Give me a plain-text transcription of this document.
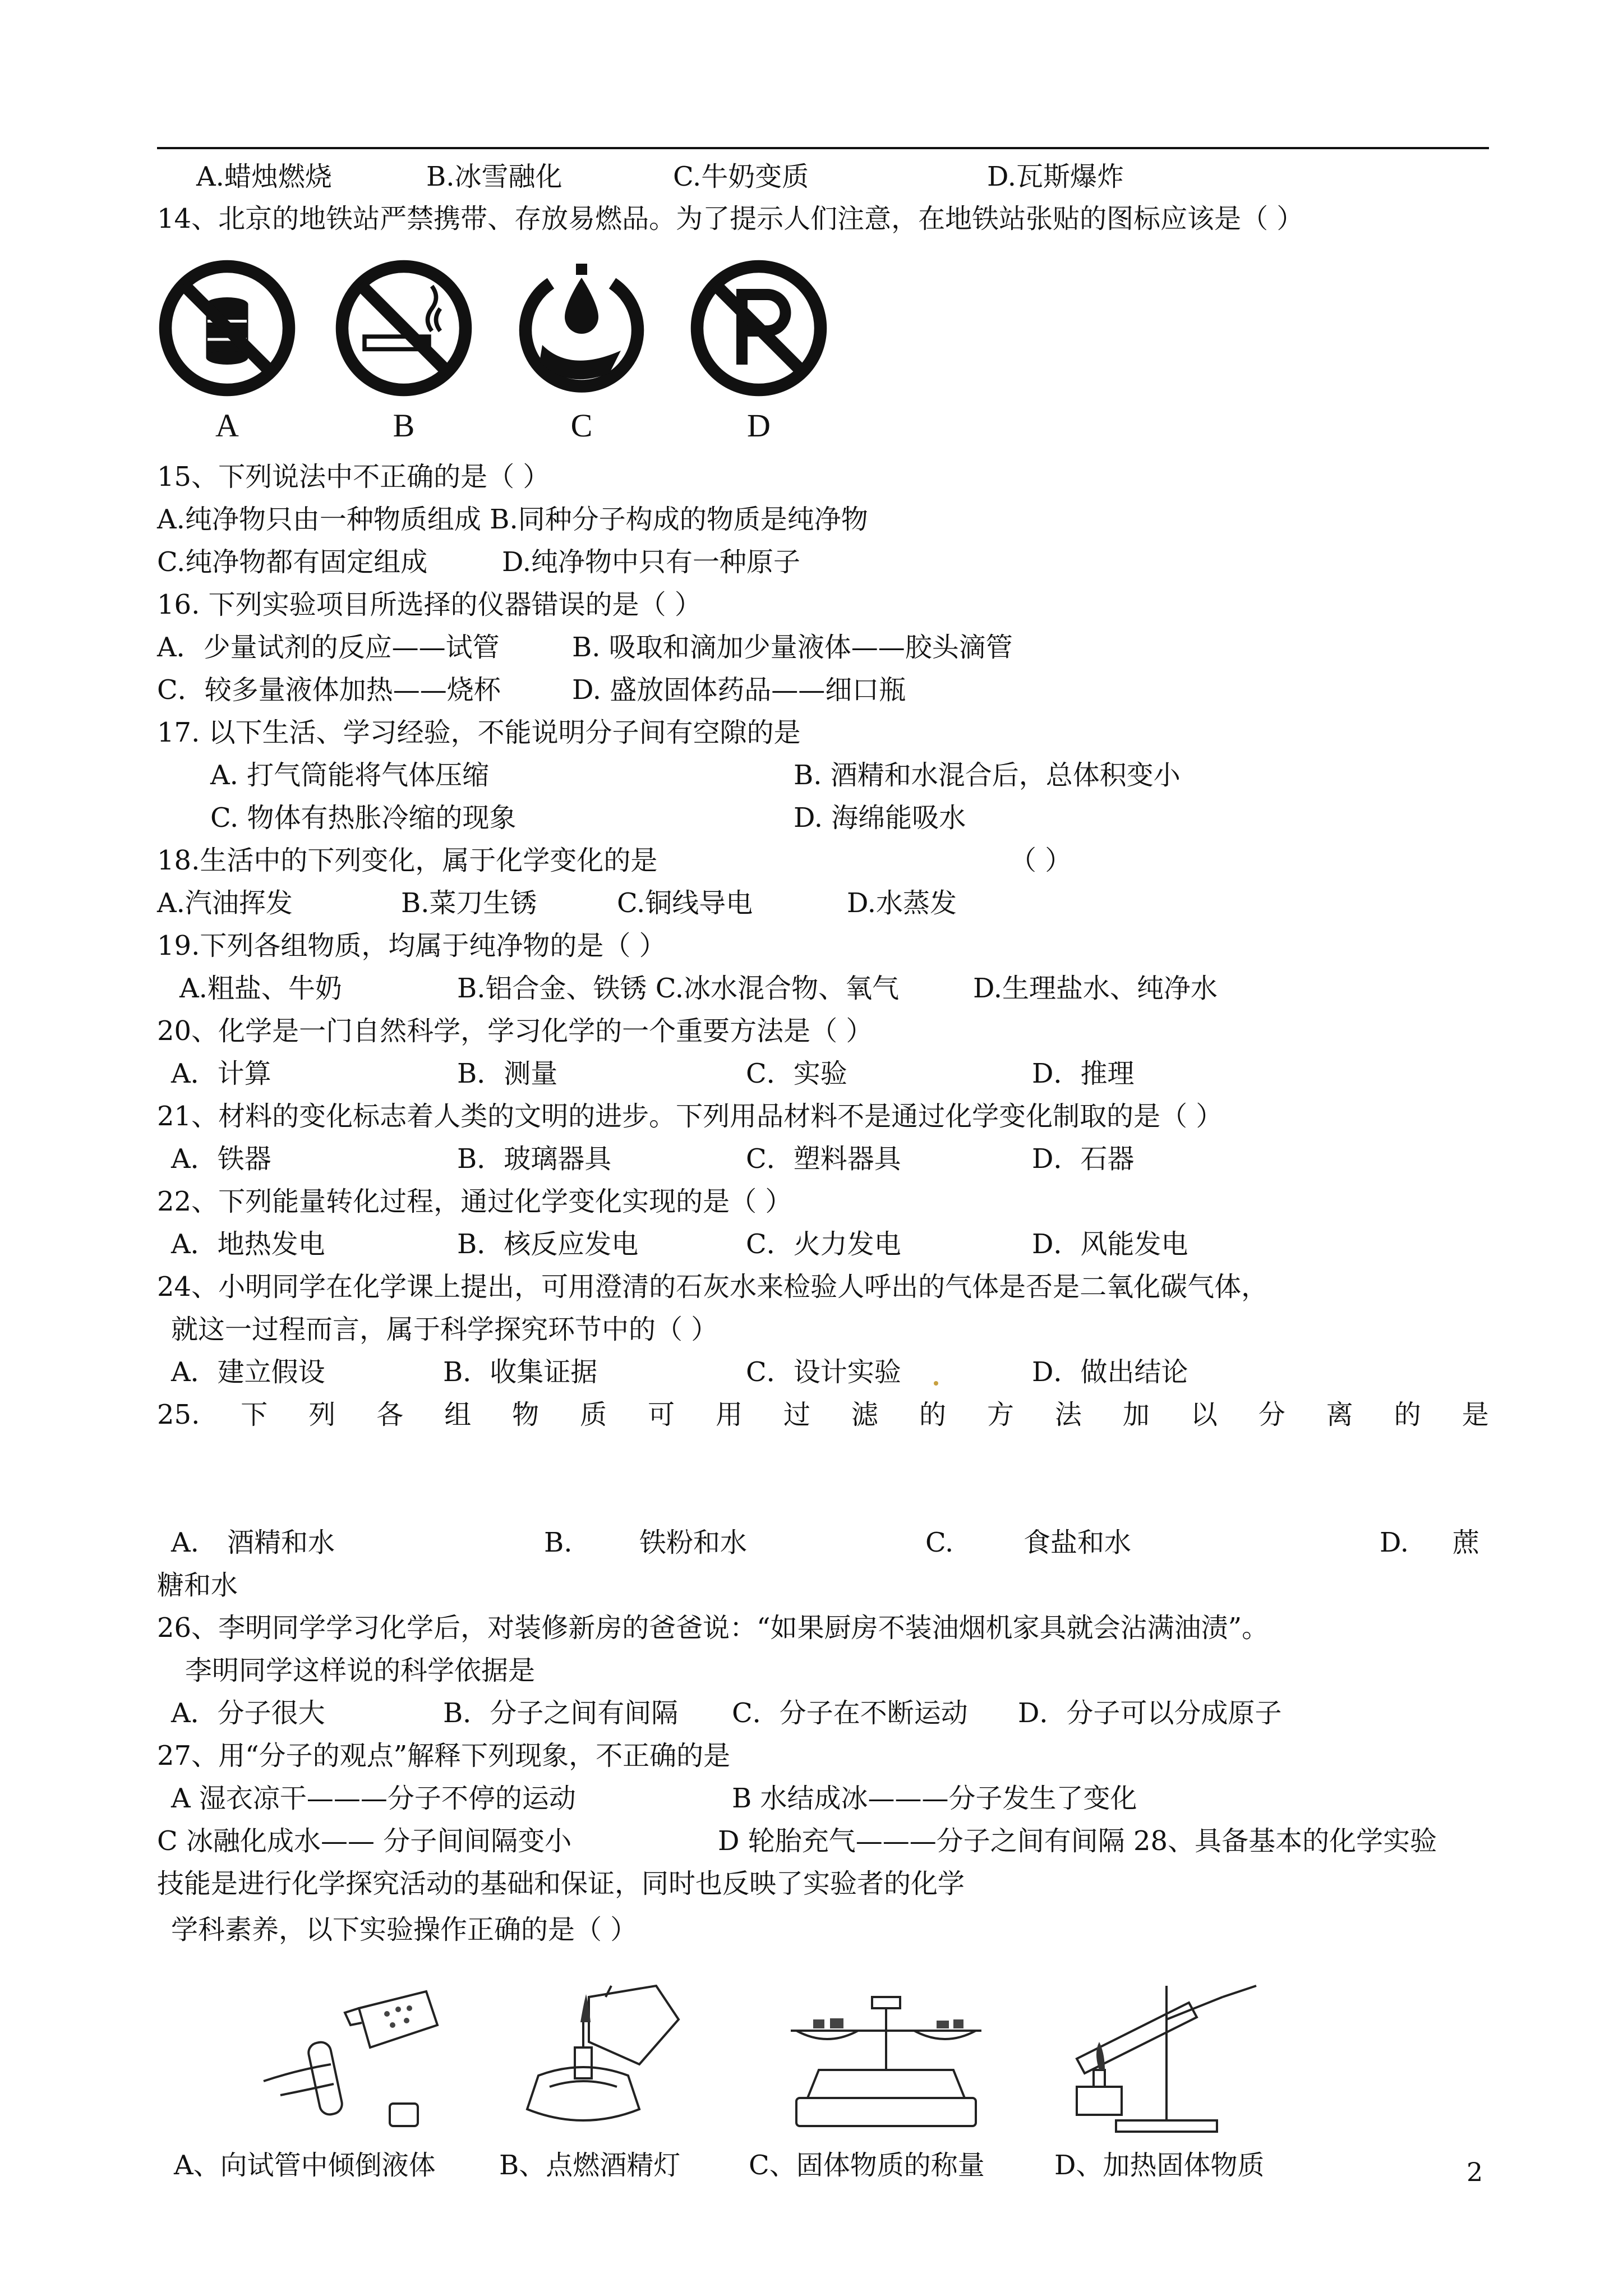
A.蜡烛燃烧	B.冰雪融化	C.牛奶变质	D.瓦斯爆炸
14、北京的地铁站严禁携带、存放易燃品。为了提示人们注意，在地铁站张贴的图标应该是（ ）
A	B	C	D
15、下列说法中不正确的是（ ）
A.纯净物只由一种物质组成 B.同种分子构成的物质是纯净物
C.纯净物都有固定组成	D.纯净物中只有一种原子
16. 下列实验项目所选择的仪器错误的是（ ）
A．少量试剂的反应——试管	B. 吸取和滴加少量液体——胶头滴管
C．较多量液体加热——烧杯	D. 盛放固体药品——细口瓶
17. 以下生活、学习经验，不能说明分子间有空隙的是
A. 打气筒能将气体压缩	B. 酒精和水混合后，总体积变小
C. 物体有热胀冷缩的现象	D. 海绵能吸水
18.生活中的下列变化，属于化学变化的是	（ ）
A.汽油挥发	B.菜刀生锈	C.铜线导电	D.水蒸发
19.下列各组物质，均属于纯净物的是（ ）
A.粗盐、牛奶	B.铝合金、铁锈 C.冰水混合物、氧气	D.生理盐水、纯净水
20、化学是一门自然科学，学习化学的一个重要方法是（ ）
A．计算	B．测量	C．实验	D．推理
21、材料的变化标志着人类的文明的进步。下列用品材料不是通过化学变化制取的是（ ）
A．铁器	B．玻璃器具	C．塑料器具	D．石器
22、下列能量转化过程，通过化学变化实现的是（ ）
A．地热发电	B．核反应发电	C．火力发电	D．风能发电
24、小明同学在化学课上提出，可用澄清的石灰水来检验人呼出的气体是否是二氧化碳气体，
就这一过程而言，属于科学探究环节中的（ ）
A．建立假设	B．收集证据	C．设计实验	D．做出结论
25. 下 列 各 组 物 质 可 用 过 滤 的 方 法 加 以 分 离 的 是
A. 酒精和水	B. 铁粉和水	C.	食盐和水	D. 蔗
糖和水
26、李明同学学习化学后，对装修新房的爸爸说：“如果厨房不装油烟机家具就会沾满油渍”。
李明同学这样说的科学依据是
A．分子很大	B．分子之间有间隔 C．分子在不断运动 D．分子可以分成原子
27、用“分子的观点”解释下列现象，不正确的是
A 湿衣凉干———分子不停的运动	B 水结成冰———分子发生了变化
C 冰融化成水—— 分子间间隔变小	D 轮胎充气———分子之间有间隔 28、具备基本的化学实验
技能是进行化学探究活动的基础和保证，同时也反映了实验者的化学
学科素养，以下实验操作正确的是（ ）
A、向试管中倾倒液体 B、点燃酒精灯	C、固体物质的称量	D、加热固体物质	2
